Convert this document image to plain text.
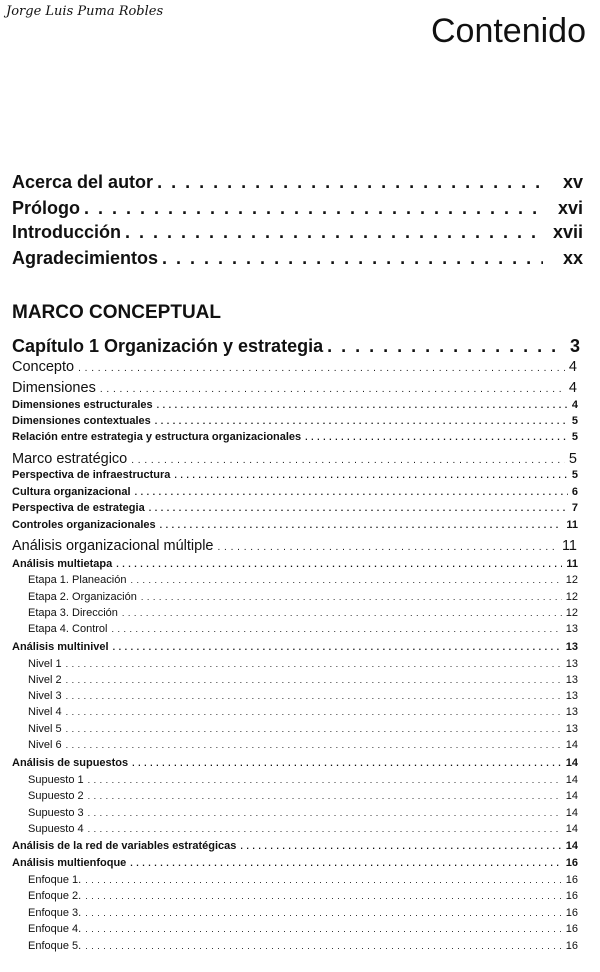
Jorge Luis Puma Robles
Contenido
Acerca del autor . . .	xv
Prólogo . . .	xvi
Introducción . . .	xvii
Agradecimientos . . .	xx
MARCO CONCEPTUAL
Capítulo 1 Organización y estrategia . . .	3
Concepto . . .	4
Dimensiones . . .	4
Dimensiones estructurales . . .	4
Dimensiones contextuales . . .	5
Relación entre estrategia y estructura organizacionales . . .	5
Marco estratégico . . .	5
Perspectiva de infraestructura . . .	5
Cultura organizacional . . .	6
Perspectiva de estrategia . . .	7
Controles organizacionales . . .	11
Análisis organizacional múltiple . . .	11
Análisis multietapa . . .	11
Etapa 1. Planeación . . .	12
Etapa 2. Organización . . .	12
Etapa 3. Dirección . . .	12
Etapa 4. Control . . .	13
Análisis multinivel . . .	13
Nivel 1 . . .	13
Nivel 2 . . .	13
Nivel 3 . . .	13
Nivel 4 . . .	13
Nivel 5 . . .	13
Nivel 6 . . .	14
Análisis de supuestos . . .	14
Supuesto 1 . . .	14
Supuesto 2 . . .	14
Supuesto 3 . . .	14
Supuesto 4 . . .	14
Análisis de la red de variables estratégicas . . .	14
Análisis multienfoque . . .	16
Enfoque 1. . . .	16
Enfoque 2. . . .	16
Enfoque 3. . . .	16
Enfoque 4. . . .	16
Enfoque 5. . . .	16
